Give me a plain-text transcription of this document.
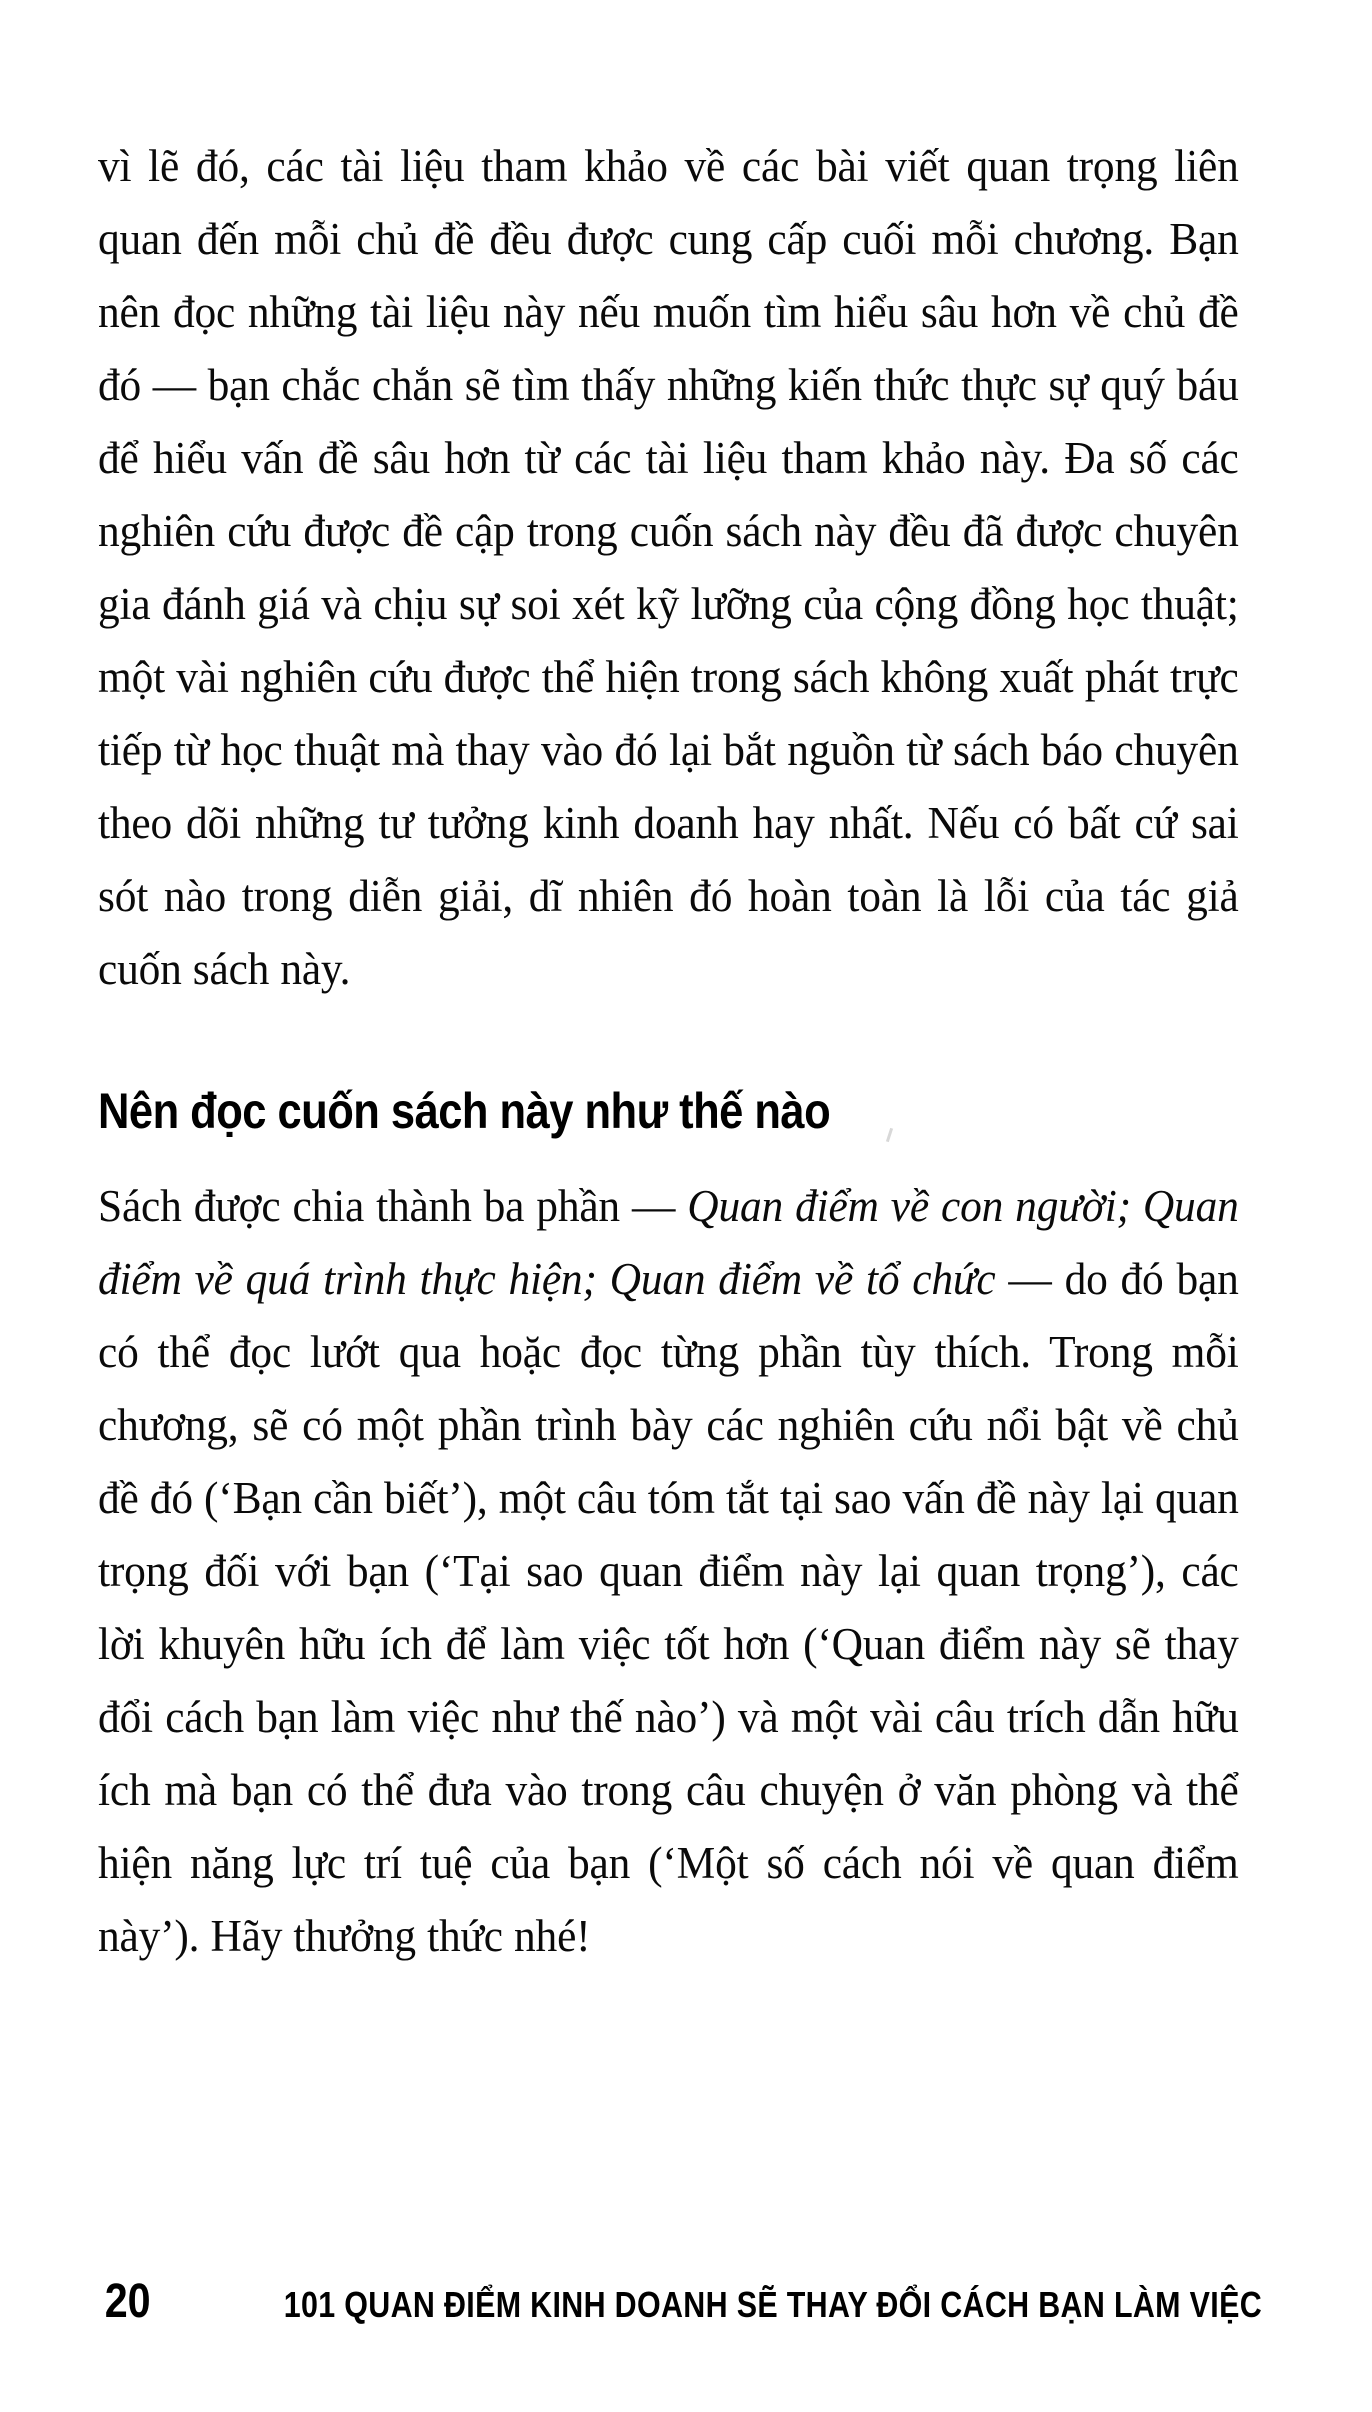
vì lẽ đó, các tài liệu tham khảo về các bài viết quan trọng liên quan đến mỗi chủ đề đều được cung cấp cuối mỗi chương. Bạn nên đọc những tài liệu này nếu muốn tìm hiểu sâu hơn về chủ đề đó — bạn chắc chắn sẽ tìm thấy những kiến thức thực sự quý báu để hiểu vấn đề sâu hơn từ các tài liệu tham khảo này. Đa số các nghiên cứu được đề cập trong cuốn sách này đều đã được chuyên gia đánh giá và chịu sự soi xét kỹ lưỡng của cộng đồng học thuật; một vài nghiên cứu được thể hiện trong sách không xuất phát trực tiếp từ học thuật mà thay vào đó lại bắt nguồn từ sách báo chuyên theo dõi những tư tưởng kinh doanh hay nhất. Nếu có bất cứ sai sót nào trong diễn giải, dĩ nhiên đó hoàn toàn là lỗi của tác giả cuốn sách này.

Nên đọc cuốn sách này như thế nào

Sách được chia thành ba phần — Quan điểm về con người; Quan điểm về quá trình thực hiện; Quan điểm về tổ chức — do đó bạn có thể đọc lướt qua hoặc đọc từng phần tùy thích. Trong mỗi chương, sẽ có một phần trình bày các nghiên cứu nổi bật về chủ đề đó (‘Bạn cần biết’), một câu tóm tắt tại sao vấn đề này lại quan trọng đối với bạn (‘Tại sao quan điểm này lại quan trọng’), các lời khuyên hữu ích để làm việc tốt hơn (‘Quan điểm này sẽ thay đổi cách bạn làm việc như thế nào’) và một vài câu trích dẫn hữu ích mà bạn có thể đưa vào trong câu chuyện ở văn phòng và thể hiện năng lực trí tuệ của bạn (‘Một số cách nói về quan điểm này’). Hãy thưởng thức nhé!

20	101 QUAN ĐIỂM KINH DOANH SẼ THAY ĐỔI CÁCH BẠN LÀM VIỆC
